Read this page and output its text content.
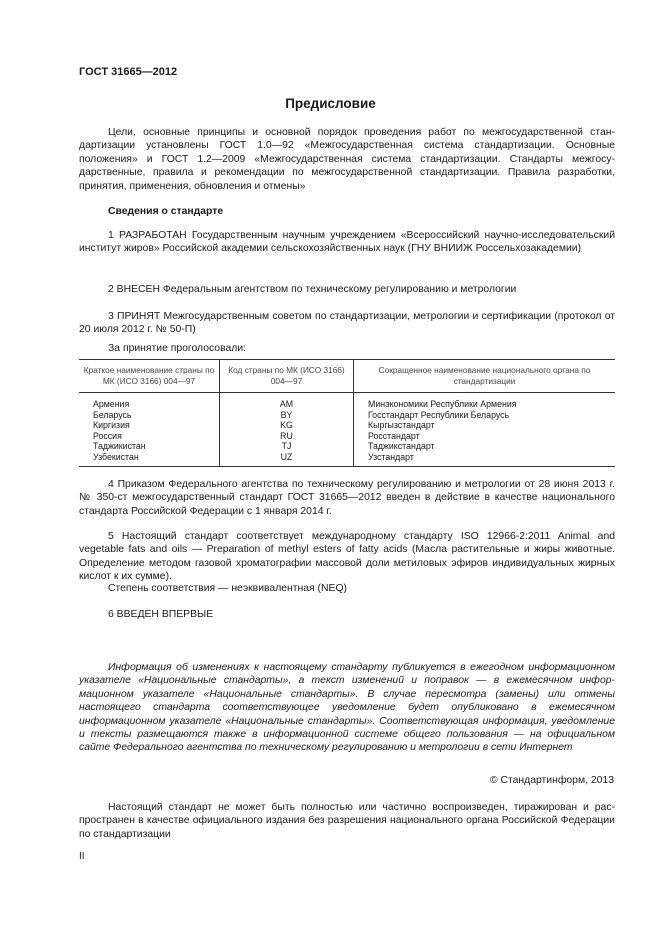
ГОСТ 31665—2012
Предисловие
Цели, основные принципы и основной порядок проведения работ по межгосударственной стандартизации установлены ГОСТ 1.0—92 «Межгосударственная система стандартизации. Основные положения» и ГОСТ 1.2—2009 «Межгосударственная система стандартизации. Стандарты межгосударственные, правила и рекомендации по межгосударственной стандартизации. Правила разработки, принятия, применения, обновления и отмены»
Сведения о стандарте
1 РАЗРАБОТАН Государственным научным учреждением «Всероссийский научно-исследовательский институт жиров» Российской академии сельскохозяйственных наук (ГНУ ВНИИЖ Россельхозакадемии)
2 ВНЕСЕН Федеральным агентством по техническому регулированию и метрологии
3 ПРИНЯТ Межгосударственным советом по стандартизации, метрологии и сертификации (протокол от 20 июля 2012 г. № 50-П)
За принятие проголосовали:
Краткое наименование страны по МК (ИСО 3166) 004—97	Код страны по МК (ИСО 3166) 004—97	Сокращенное наименование национального органа по стандартизации
Армения	AM	Минэкономики Республики Армения
Беларусь	BY	Госстандарт Республики Беларусь
Киргизия	KG	Кыргызстандарт
Россия	RU	Росстандарт
Таджикистан	TJ	Таджикстандарт
Узбекистан	UZ	Узстандарт
4 Приказом Федерального агентства по техническому регулированию и метрологии от 28 июня 2013 г. № 350-ст межгосударственный стандарт ГОСТ 31665—2012 введен в действие в качестве национального стандарта Российской Федерации с 1 января 2014 г.
5 Настоящий стандарт соответствует международному стандарту ISO 12966-2:2011 Animal and vegetable fats and oils — Preparation of methyl esters of fatty acids (Масла растительные и жиры животные. Определение методом газовой хроматографии массовой доли метиловых эфиров индивидуальных жирных кислот к их сумме).
Степень соответствия — неэквивалентная (NEQ)
6 ВВЕДЕН ВПЕРВЫЕ
Информация об изменениях к настоящему стандарту публикуется в ежегодном информационном указателе «Национальные стандарты», а текст изменений и поправок — в ежемесячном информационном указателе «Национальные стандарты». В случае пересмотра (замены) или отмены настоящего стандарта соответствующее уведомление будет опубликовано в ежемесячном информационном указателе «Национальные стандарты». Соответствующая информация, уведомление и тексты размещаются также в информационной системе общего пользования — на официальном сайте Федерального агентства по техническому регулированию и метрологии в сети Интернет
© Стандартинформ, 2013
Настоящий стандарт не может быть полностью или частично воспроизведен, тиражирован и распространен в качестве официального издания без разрешения национального органа Российской Федерации по стандартизации
II
